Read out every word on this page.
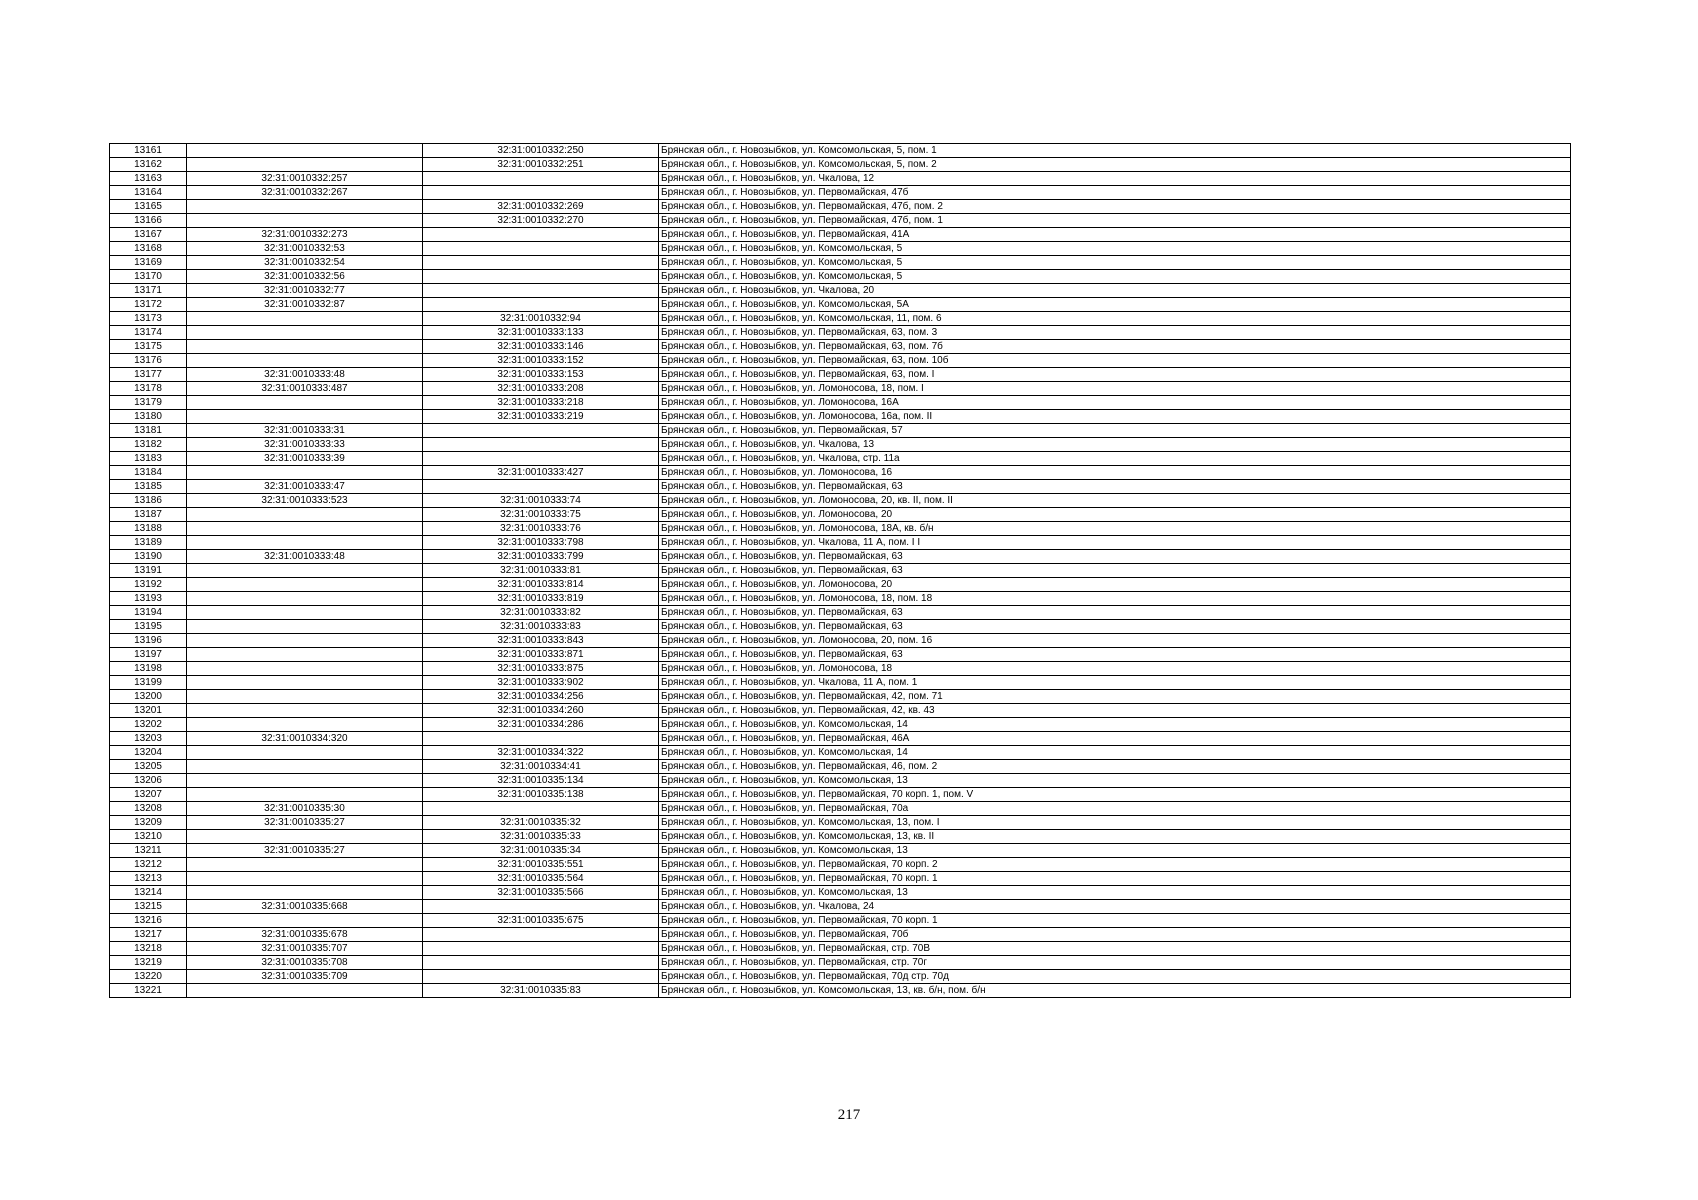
13161		32:31:0010332:250	Брянская обл., г. Новозыбков, ул. Комсомольская, 5, пом. 1
13162		32:31:0010332:251	Брянская обл., г. Новозыбков, ул. Комсомольская, 5, пом. 2
13163	32:31:0010332:257		Брянская обл., г. Новозыбков, ул. Чкалова, 12
13164	32:31:0010332:267		Брянская обл., г. Новозыбков, ул. Первомайская, 47б
13165		32:31:0010332:269	Брянская обл., г. Новозыбков, ул. Первомайская, 47б, пом. 2
13166		32:31:0010332:270	Брянская обл., г. Новозыбков, ул. Первомайская, 47б, пом. 1
13167	32:31:0010332:273		Брянская обл., г. Новозыбков, ул. Первомайская, 41А
13168	32:31:0010332:53		Брянская обл., г. Новозыбков, ул. Комсомольская, 5
13169	32:31:0010332:54		Брянская обл., г. Новозыбков, ул. Комсомольская, 5
13170	32:31:0010332:56		Брянская обл., г. Новозыбков, ул. Комсомольская, 5
13171	32:31:0010332:77		Брянская обл., г. Новозыбков, ул. Чкалова, 20
13172	32:31:0010332:87		Брянская обл., г. Новозыбков, ул. Комсомольская, 5А
13173		32:31:0010332:94	Брянская обл., г. Новозыбков, ул. Комсомольская, 11, пом. 6
13174		32:31:0010333:133	Брянская обл., г. Новозыбков, ул. Первомайская, 63, пом. 3
13175		32:31:0010333:146	Брянская обл., г. Новозыбков, ул. Первомайская, 63, пом. 7б
13176		32:31:0010333:152	Брянская обл., г. Новозыбков, ул. Первомайская, 63, пом. 10б
13177	32:31:0010333:48	32:31:0010333:153	Брянская обл., г. Новозыбков, ул. Первомайская, 63, пом. I
13178	32:31:0010333:487	32:31:0010333:208	Брянская обл., г. Новозыбков, ул. Ломоносова, 18, пом. I
13179		32:31:0010333:218	Брянская обл., г. Новозыбков, ул. Ломоносова, 16А
13180		32:31:0010333:219	Брянская обл., г. Новозыбков, ул. Ломоносова, 16а, пом. II
13181	32:31:0010333:31		Брянская обл., г. Новозыбков, ул. Первомайская, 57
13182	32:31:0010333:33		Брянская обл., г. Новозыбков, ул. Чкалова, 13
13183	32:31:0010333:39		Брянская обл., г. Новозыбков, ул. Чкалова, стр. 11а
13184		32:31:0010333:427	Брянская обл., г. Новозыбков, ул. Ломоносова, 16
13185	32:31:0010333:47		Брянская обл., г. Новозыбков, ул. Первомайская, 63
13186	32:31:0010333:523	32:31:0010333:74	Брянская обл., г. Новозыбков, ул. Ломоносова, 20, кв. II, пом. II
13187		32:31:0010333:75	Брянская обл., г. Новозыбков, ул. Ломоносова, 20
13188		32:31:0010333:76	Брянская обл., г. Новозыбков, ул. Ломоносова, 18А, кв. б/н
13189		32:31:0010333:798	Брянская обл., г. Новозыбков, ул. Чкалова, 11 А, пом. I I
13190	32:31:0010333:48	32:31:0010333:799	Брянская обл., г. Новозыбков, ул. Первомайская, 63
13191		32:31:0010333:81	Брянская обл., г. Новозыбков, ул. Первомайская, 63
13192		32:31:0010333:814	Брянская обл., г. Новозыбков, ул. Ломоносова, 20
13193		32:31:0010333:819	Брянская обл., г. Новозыбков, ул. Ломоносова, 18, пом. 18
13194		32:31:0010333:82	Брянская обл., г. Новозыбков, ул. Первомайская, 63
13195		32:31:0010333:83	Брянская обл., г. Новозыбков, ул. Первомайская, 63
13196		32:31:0010333:843	Брянская обл., г. Новозыбков, ул. Ломоносова, 20, пом. 16
13197		32:31:0010333:871	Брянская обл., г. Новозыбков, ул. Первомайская, 63
13198		32:31:0010333:875	Брянская обл., г. Новозыбков, ул. Ломоносова, 18
13199		32:31:0010333:902	Брянская обл., г. Новозыбков, ул. Чкалова, 11 А, пом. 1
13200		32:31:0010334:256	Брянская обл., г. Новозыбков, ул. Первомайская, 42, пом. 71
13201		32:31:0010334:260	Брянская обл., г. Новозыбков, ул. Первомайская, 42, кв. 43
13202		32:31:0010334:286	Брянская обл., г. Новозыбков, ул. Комсомольская, 14
13203	32:31:0010334:320		Брянская обл., г. Новозыбков, ул. Первомайская, 46А
13204		32:31:0010334:322	Брянская обл., г. Новозыбков, ул. Комсомольская, 14
13205		32:31:0010334:41	Брянская обл., г. Новозыбков, ул. Первомайская, 46, пом. 2
13206		32:31:0010335:134	Брянская обл., г. Новозыбков, ул. Комсомольская, 13
13207		32:31:0010335:138	Брянская обл., г. Новозыбков, ул. Первомайская, 70 корп. 1, пом. V
13208	32:31:0010335:30		Брянская обл., г. Новозыбков, ул. Первомайская, 70а
13209	32:31:0010335:27	32:31:0010335:32	Брянская обл., г. Новозыбков, ул. Комсомольская, 13, пом. I
13210		32:31:0010335:33	Брянская обл., г. Новозыбков, ул. Комсомольская, 13, кв. II
13211	32:31:0010335:27	32:31:0010335:34	Брянская обл., г. Новозыбков, ул. Комсомольская, 13
13212		32:31:0010335:551	Брянская обл., г. Новозыбков, ул. Первомайская, 70 корп. 2
13213		32:31:0010335:564	Брянская обл., г. Новозыбков, ул. Первомайская, 70 корп. 1
13214		32:31:0010335:566	Брянская обл., г. Новозыбков, ул. Комсомольская, 13
13215	32:31:0010335:668		Брянская обл., г. Новозыбков, ул. Чкалова, 24
13216		32:31:0010335:675	Брянская обл., г. Новозыбков, ул. Первомайская, 70 корп. 1
13217	32:31:0010335:678		Брянская обл., г. Новозыбков, ул. Первомайская, 70б
13218	32:31:0010335:707		Брянская обл., г. Новозыбков, ул. Первомайская, стр. 70В
13219	32:31:0010335:708		Брянская обл., г. Новозыбков, ул. Первомайская, стр. 70г
13220	32:31:0010335:709		Брянская обл., г. Новозыбков, ул. Первомайская, 70д стр. 70д
13221		32:31:0010335:83	Брянская обл., г. Новозыбков, ул. Комсомольская, 13, кв. б/н, пом. б/н
217
